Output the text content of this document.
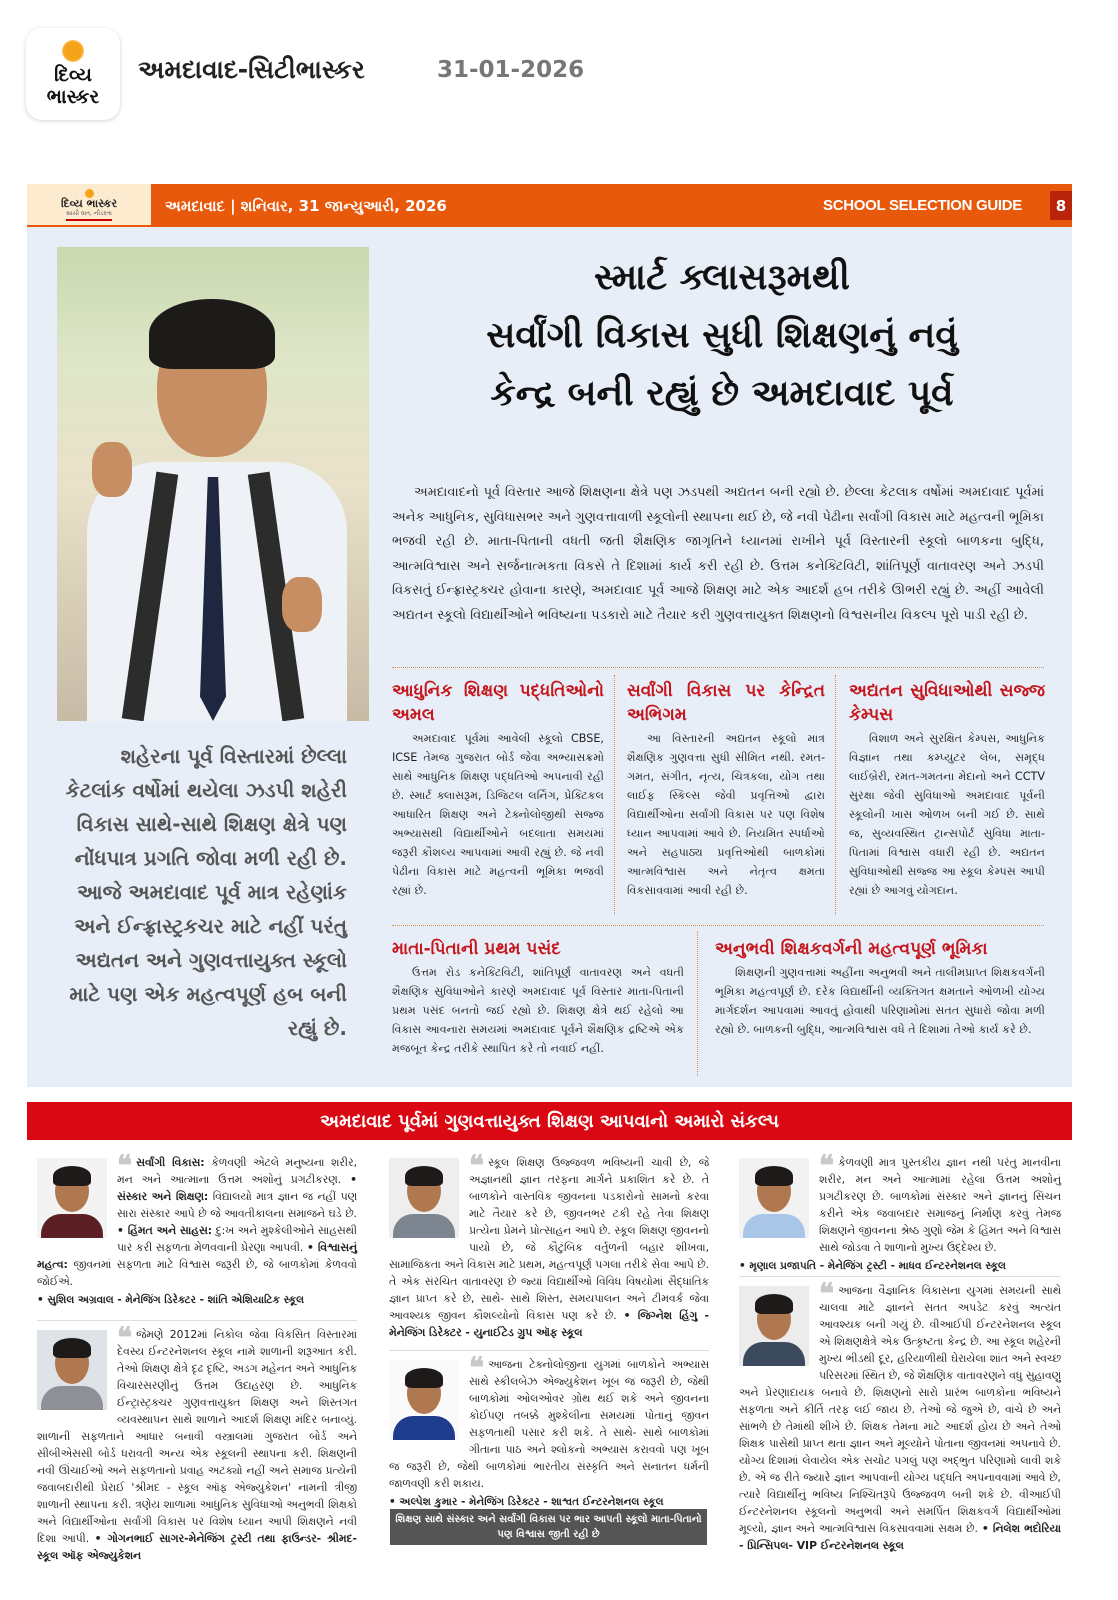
દિવ્ય
ભાસ્કર
અમદાવાદ-સિટીભાસ્કર	31-01-2026
દિવ્ય ભાસ્કર
સાચી વાત, નીડરતા	અમદાવાદ | શનિવાર, 31 જાન્યુઆરી, 2026	SCHOOL SELECTION GUIDE	8
શહેરના પૂર્વ વિસ્તારમાં છેલ્લા કેટલાંક વર્ષોમાં થયેલા ઝડપી શહેરી વિકાસ સાથે-સાથે શિક્ષણ ક્ષેત્રે પણ નોંધપાત્ર પ્રગતિ જોવા મળી રહી છે. આજે અમદાવાદ પૂર્વ માત્ર રહેણાંક અને ઈન્ફ્રાસ્ટ્રકચર માટે નહીં પરંતુ અદ્યતન અને ગુણવત્તાયુક્ત સ્કૂલો માટે પણ એક મહત્વપૂર્ણ હબ બની રહ્યું છે.
સ્માર્ટ ક્લાસરૂમથી
સર્વાંગી વિકાસ સુધી શિક્ષણનું નવું
કેન્દ્ર બની રહ્યું છે અમદાવાદ પૂર્વ
અમદાવાદનો પૂર્વ વિસ્તાર આજે શિક્ષણના ક્ષેત્રે પણ ઝડપથી અદ્યતન બની રહ્યો છે. છેલ્લા કેટલાક વર્ષોમાં અમદાવાદ પૂર્વમાં અનેક આધુનિક, સુવિધાસભર અને ગુણવત્તાવાળી સ્કૂલોની સ્થાપના થઈ છે, જે નવી પેઢીના સર્વાંગી વિકાસ માટે મહત્વની ભૂમિકા ભજવી રહી છે. માતા-પિતાની વધતી જતી શૈક્ષણિક જાગૃતિને ધ્યાનમાં રાખીને પૂર્વ વિસ્તારની સ્કૂલો બાળકના બુદ્ધિ, આત્મવિશ્વાસ અને સર્જનાત્મકતા વિકસે તે દિશામાં કાર્ય કરી રહી છે. ઉત્તમ કનેક્ટિવિટી, શાંતિપૂર્ણ વાતાવરણ અને ઝડપી વિકસતું ઈન્ફ્રાસ્ટ્રક્ચર હોવાના કારણે, અમદાવાદ પૂર્વ આજે શિક્ષણ માટે એક આદર્શ હબ તરીકે ઊભરી રહ્યું છે. અહીં આવેલી અદ્યતન સ્કૂલો વિદ્યાર્થીઓને ભવિષ્યના પડકારો માટે તૈયાર કરી ગુણવત્તાયુક્ત શિક્ષણનો વિશ્વસનીય વિકલ્પ પૂરો પાડી રહી છે.
આધુનિક શિક્ષણ પદ્ધતિઓનો અમલ

અમદાવાદ પૂર્વમાં આવેલી સ્કૂલો CBSE, ICSE તેમજ ગુજરાત બોર્ડ જેવા અભ્યાસક્રમો સાથે આધુનિક શિક્ષણ પદ્ધતિઓ અપનાવી રહી છે. સ્માર્ટ ક્લાસરૂમ, ડિજિટલ લર્નિંગ, પ્રેક્ટિકલ આધારિત શિક્ષણ અને ટેક્નોલોજીથી સજ્જ અભ્યાસથી વિદ્યાર્થીઓને બદલાતા સમયમાં જરૂરી કૌશલ્ય આપવામાં આવી રહ્યું છે. જે નવી પેઢીના વિકાસ માટે મહત્વની ભૂમિકા ભજવી રહ્યાં છે.

સર્વાંગી વિકાસ પર કેન્દ્રિત અભિગમ

આ વિસ્તારની અદ્યતન સ્કૂલો માત્ર શૈક્ષણિક ગુણવત્તા સુધી સીમિત નથી. રમત-ગમત, સંગીત, નૃત્ય, ચિત્રકલા, યોગ તથા લાઈફ સ્કિલ્સ જેવી પ્રવૃત્તિઓ દ્વારા વિદ્યાર્થીઓના સર્વાંગી વિકાસ પર પણ વિશેષ ધ્યાન આપવામાં આવે છે. નિયમિત સ્પર્ધાઓ અને સહપાઠ્ય પ્રવૃત્તિઓથી બાળકોમાં આત્મવિશ્વાસ અને નેતૃત્વ ક્ષમતા વિકસાવવામાં આવી રહી છે.

અદ્યતન સુવિધાઓથી સજ્જ કેમ્પસ

વિશાળ અને સુરક્ષિત કેમ્પસ, આધુનિક વિજ્ઞાન તથા કમ્પ્યુટર લેબ, સમૃદ્ધ લાઈબ્રેરી, રમત-ગમતના મેદાનો અને CCTV સુરક્ષા જેવી સુવિધાઓ અમદાવાદ પૂર્વની સ્કૂલોની ખાસ ઓળખ બની ગઈ છે. સાથે જ, સુવ્યવસ્થિત ટ્રાન્સપોર્ટ સુવિધા માતા-પિતામાં વિશ્વાસ વધારી રહી છે. અદ્યતન સુવિધાઓથી સજ્જ આ સ્કૂલ કેમ્પસ આપી રહ્યાં છે આગવું યોગદાન.

માતા-પિતાની પ્રથમ પસંદ

ઉત્તમ રોડ કનેક્ટિવિટી, શાંતિપૂર્ણ વાતાવરણ અને વધતી શૈક્ષણિક સુવિધાઓને કારણે અમદાવાદ પૂર્વ વિસ્તાર માતા-પિતાની પ્રથમ પસંદ બનતો જઈ રહ્યો છે. શિક્ષણ ક્ષેત્રે થઈ રહેલો આ વિકાસ આવનારા સમયમાં અમદાવાદ પૂર્વને શૈક્ષણિક દ્રષ્ટિએ એક મજબૂત કેન્દ્ર તરીકે સ્થાપિત કરે તો નવાઈ નહીં.

અનુભવી શિક્ષકવર્ગની મહત્વપૂર્ણ ભૂમિકા

શિક્ષણની ગુણવત્તામાં અહીંના અનુભવી અને તાલીમપ્રાપ્ત શિક્ષકવર્ગની ભૂમિકા મહત્વપૂર્ણ છે. દરેક વિદ્યાર્થીની વ્યક્તિગત ક્ષમતાને ઓળખી યોગ્ય માર્ગદર્શન આપવામાં આવતું હોવાથી પરિણામોમાં સતત સુધારો જોવા મળી રહ્યો છે. બાળકની બુદ્ધિ, આત્મવિશ્વાસ વધે તે દિશામાં તેઓ કાર્ય કરે છે.

અમદાવાદ પૂર્વમાં ગુણવત્તાયુક્ત શિક્ષણ આપવાનો અમારો સંકલ્પ
❝ સર્વાંગી વિકાસ: કેળવણી એટલે મનુષ્યના શરીર, મન અને આત્માના ઉત્તમ અંશોનું પ્રગટીકરણ. • સંસ્કાર અને શિક્ષણ: વિદ્યાલયો માત્ર જ્ઞાન જ નહીં પણ સારા સંસ્કાર આપે છે જે આવતીકાલના સમાજને ઘડે છે. • હિંમત અને સાહસ: દુ:ખ અને મુશ્કેલીઓને સાહસથી પાર કરી સફળતા મેળવવાની પ્રેરણા આપવી. • વિશ્વાસનું મહત્વ: જીવનમાં સફળતા માટે વિશ્વાસ જરૂરી છે, જે બાળકોમાં કેળવવો જોઈએ.
• સુશિલ અગ્રવાલ - મેનેજિંગ ડિરેક્ટર - શાંતિ એશિયાટિક સ્કૂલ
❝ જેમણે 2012માં નિકોલ જેવા વિકસિત વિસ્તારમાં દેવસ્ય ઈન્ટરનેશનલ સ્કૂલ નામે શાળાની શરૂઆત કરી. તેઓ શિક્ષણ ક્ષેત્રે દૃઢ દૃષ્ટિ, અડગ મહેનત અને આધુનિક વિચારસરણીનું ઉત્તમ ઉદાહરણ છે. આધુનિક ઈન્ટ્રાસ્ટ્રક્ચર ગુણવત્તાયુક્ત શિક્ષણ અને શિસ્તગત વ્યવસ્થાપન સાથે શાળાને આદર્શ શિક્ષણ મંદિર બનાવ્યું. શાળાની સફળતાને આધાર બનાવી વસ્ત્રાલમાં ગુજરાત બોર્ડ અને સીબીએસસી બોર્ડ ધરાવતી અન્ય એક સ્કૂલની સ્થાપના કરી. શિક્ષણની નવી ઊંચાઈઓ અને સફળતાનો પ્રવાહ અટક્યો નહીં અને સમાજ પ્રત્યેની જવાબદારીથી પ્રેરાઈ 'શ્રીમદ - સ્કૂલ ઑફ એજ્યુકેશન' નામની ત્રીજી શાળાની સ્થાપના કરી. ત્રણેય શાળામાં આધુનિક સુવિધાઓ અનુભવી શિક્ષકો અને વિદ્યાર્થીઓના સર્વાંગી વિકાસ પર વિશેષ ધ્યાન આપી શિક્ષણને નવી દિશા આપી. • ગોગનભાઈ સાગર-મેનેજિંગ ટ્રસ્ટી તથા ફાઉન્ડર- શ્રીમદ-સ્કૂલ ઑફ એજ્યુકેશન
❝ સ્કૂલ શિક્ષણ ઉજ્જવળ ભવિષ્યની ચાવી છે, જે અજ્ઞાનથી જ્ઞાન તરફના માર્ગને પ્રકાશિત કરે છે. તે બાળકોને વાસ્તવિક જીવનના પડકારોનો સામનો કરવા માટે તૈયાર કરે છે, જીવનભર ટકી રહે તેવા શિક્ષણ પ્રત્યેના પ્રેમને પ્રોત્સાહન આપે છે. સ્કૂલ શિક્ષણ જીવનનો પાયો છે, જે કૌટુંબિક વર્તુળની બહાર શીખવા, સામાજિકતા અને વિકાસ માટે પ્રથમ, મહત્વપૂર્ણ પગલા તરીકે સેવા આપે છે. તે એક સંરચિત વાતાવરણ છે જ્યાં વિદ્યાર્થીઓ વિવિધ વિષયોમાં સૈદ્ધાંતિક જ્ઞાન પ્રાપ્ત કરે છે, સાથે- સાથે શિસ્ત, સમયપાલન અને ટીમવર્ક જેવા આવશ્યક જીવન કૌશલ્યોનો વિકાસ પણ કરે છે. • જિગ્નેશ હિંગુ - મેનેજિંગ ડિરેક્ટર - યુનાઈટેડ ગ્રુપ ઑફ સ્કૂલ
❝ આજના ટેક્નોલોજીના યુગમાં બાળકોને અભ્યાસ સાથે સ્કીલબેઝ એજ્યુકેશન ખૂબ જ જરૂરી છે, જેથી બાળકોમાં ઓલઓવર ગ્રોથ થઈ શકે અને જીવનના કોઈપણ તબક્કે મુશ્કેલીના સમયમાં પોતાનું જીવન સફળતાથી પસાર કરી શકે. તે સાથે- સાથે બાળકોમાં ગીતાના પાઠ અને શ્લોકનો અભ્યાસ કરાવવો પણ ખૂબ જ જરૂરી છે, જેથી બાળકોમાં ભારતીય સંસ્કૃતિ અને સનાતન ધર્મની જાળવણી કરી શકાય.
• અલ્પેશ કુમાર - મેનેજિંગ ડિરેક્ટર - શાશ્વત ઈન્ટરનેશનલ સ્કૂલ
શિક્ષણ સાથે સંસ્કાર અને સર્વાંગી વિકાસ પર ભાર આપતી સ્કૂલો માતા-પિતાનો પણ વિશ્વાસ જીતી રહી છે
❝ કેળવણી માત્ર પુસ્તકીય જ્ઞાન નથી પરંતુ માનવીના શરીર, મન અને આત્મામાં રહેલા ઉત્તમ અંશોનું પ્રગટીકરણ છે. બાળકોમાં સંસ્કાર અને જ્ઞાનનું સિંચન કરીને એક જવાબદાર સમાજનું નિર્માણ કરવું તેમજ શિક્ષણને જીવનના શ્રેષ્ઠ ગુણો જેમ કે હિંમત અને વિશ્વાસ સાથે જોડવા તે શાળાનો મુખ્ય ઉદ્દેશ્ય છે.
• મૃણાલ પ્રજાપતિ - મેનેજિંગ ટ્રસ્ટી - માધવ ઈન્ટરનેશનલ સ્કૂલ
❝ આજના વૈજ્ઞાનિક વિકાસના યુગમાં સમયની સાથે ચાલવા માટે જ્ઞાનને સતત અપડેટ કરવું અત્યંત આવશ્યક બની ગયું છે. વીઆઈપી ઈન્ટરનેશનલ સ્કૂલ એ શિક્ષણક્ષેત્રે એક ઉત્કૃષ્ટતા કેન્દ્ર છે. આ સ્કૂલ શહેરની મુખ્ય ભીડથી દૂર, હરિયાળીથી ઘેરાયેલા શાંત અને સ્વચ્છ પરિસરમાં સ્થિત છે, જે શૈક્ષણિક વાતાવરણને વધુ સુહાવણું અને પ્રેરણાદાયક બનાવે છે. શિક્ષણનો સારો પ્રારંભ બાળકોના ભવિષ્યને સફળતા અને કીર્તિ તરફ લઈ જાય છે. તેઓ જે જુએ છે, વાંચે છે અને સાંભળે છે તેમાંથી શીખે છે. શિક્ષક તેમના માટે આદર્શ હોય છે અને તેઓ શિક્ષક પાસેથી પ્રાપ્ત થતા જ્ઞાન અને મૂલ્યોને પોતાના જીવનમાં અપનાવે છે. યોગ્ય દિશામાં લેવાયેલ એક સચોટ પગલું પણ અદ્ભુત પરિણામો લાવી શકે છે. એ જ રીતે જ્યારે જ્ઞાન આપવાની યોગ્ય પદ્ધતિ અપનાવવામાં આવે છે, ત્યારે વિદ્યાર્થીનું ભવિષ્ય નિશ્ચિતરૂપે ઉજ્જવળ બની શકે છે. વીઆઈપી ઈન્ટરનેશનલ સ્કૂલનો અનુભવી અને સમર્પિત શિક્ષકવર્ગ વિદ્યાર્થીઓમાં મૂલ્યો, જ્ઞાન અને આત્મવિશ્વાસ વિકસાવવામાં સક્ષમ છે. • નિલેશ ભદોરિયા - પ્રિન્સિપલ- VIP ઈન્ટરનેશનલ સ્કૂલ
